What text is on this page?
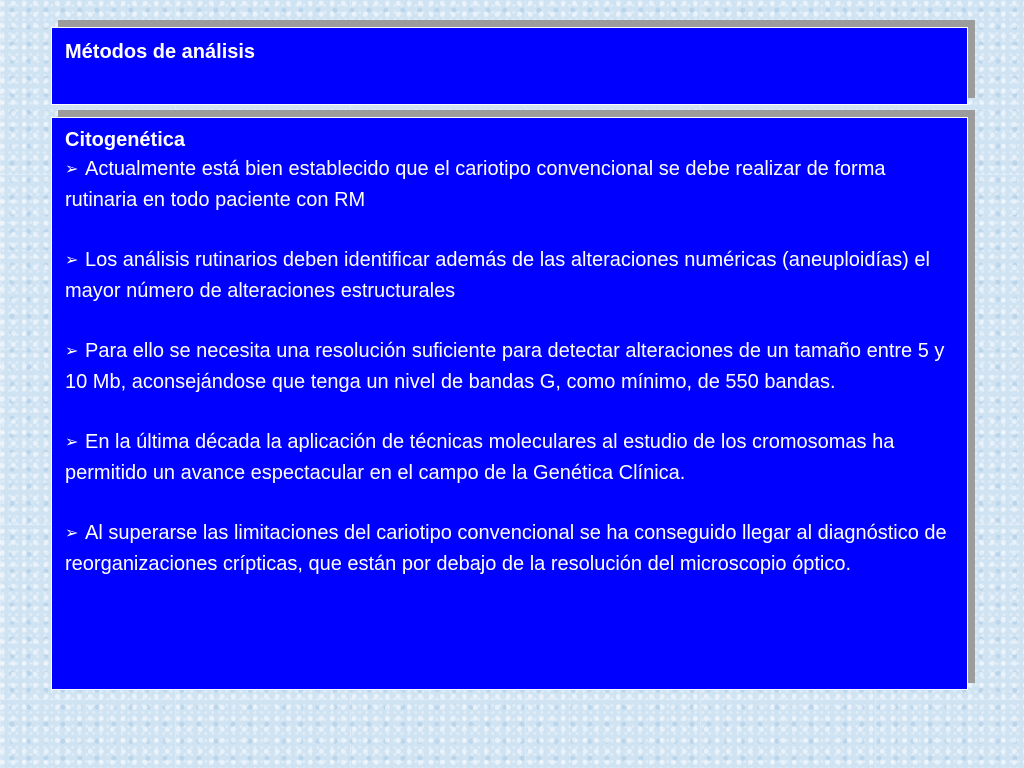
Métodos de análisis
Citogenética
➢ Actualmente está bien establecido que el cariotipo convencional se debe realizar de forma rutinaria en todo paciente con RM
➢ Los análisis rutinarios deben identificar además de las alteraciones numéricas (aneuploidías) el mayor número de alteraciones estructurales
➢ Para ello se necesita una resolución suficiente para detectar alteraciones de un tamaño entre 5 y 10 Mb, aconsejándose que tenga un nivel de bandas G, como mínimo, de 550 bandas.
➢ En la última década la aplicación de técnicas moleculares al estudio de los cromosomas ha permitido un avance espectacular en el campo de la Genética Clínica.
➢ Al superarse las limitaciones del cariotipo convencional se ha conseguido llegar al diagnóstico de reorganizaciones crípticas, que están por debajo de la resolución del microscopio óptico.
